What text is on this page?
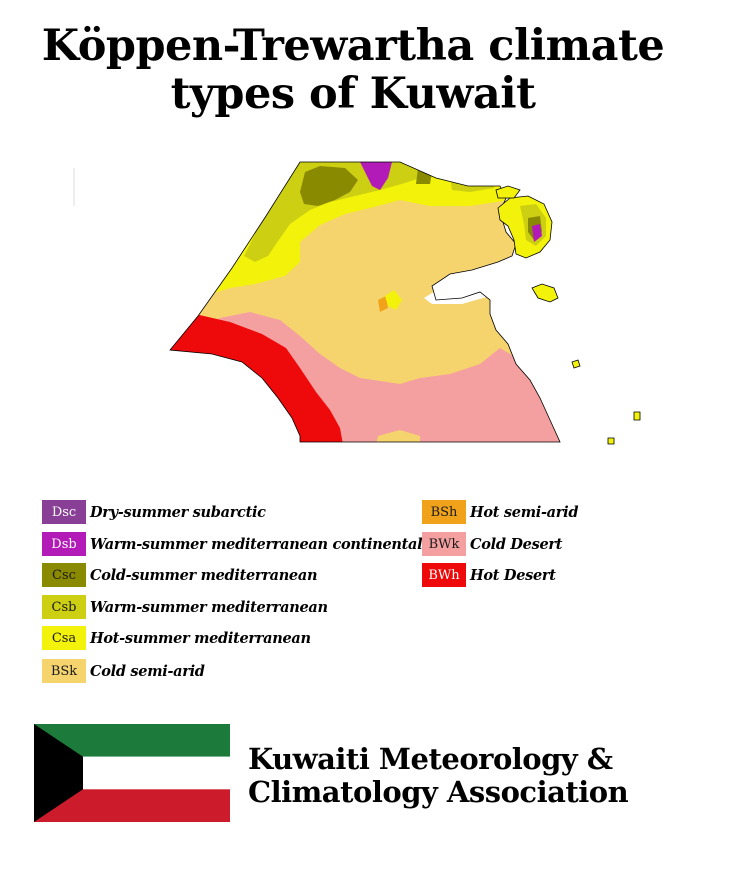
Köppen-Trewartha climate
types of Kuwait
Dsc Dry-summer subarctic
Dsb Warm-summer mediterranean continental
Csc Cold-summer mediterranean
Csb Warm-summer mediterranean
Csa Hot-summer mediterranean
BSk Cold semi-arid
BSh Hot semi-arid
BWk Cold Desert
BWh Hot Desert
Kuwaiti Meteorology &
Climatology Association
